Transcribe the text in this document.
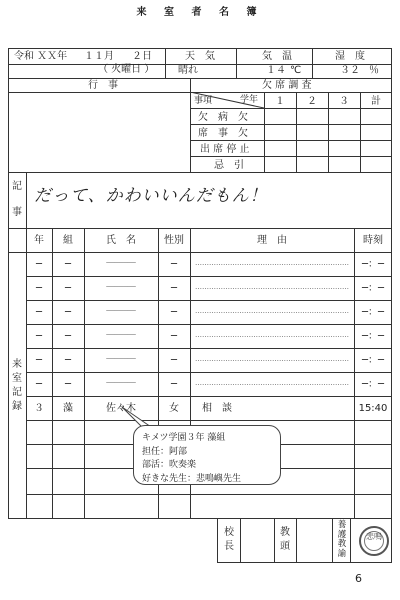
来 室 者 名 簿
令和 ＸＸ年 １１月 ２日
（ 火曜日 ）
天　気
晴れ
気　温
１４ ℃
湿　度
３２ ％
行　事	欠 席 調 査
事項	学年	１	２	３	計
欠 病　欠
席 事　欠
出 席 停 止
忌　引
記
事
だって、かわいいんだもん！
来
室
記
録
年	組	氏　名	性別	理　由	時刻
─	─	───────	─	…………………………………………………………	─：─
─	─	───────	─	…………………………………………………………	─：─
─	─	───────	─	…………………………………………………………	─：─
─	─	───────	─	…………………………………………………………	─：─
─	─	───────	─	…………………………………………………………	─：─
─	─	───────	─	…………………………………………………………	─：─
３	藻	佐々木	女	相　談	15:40
キメツ学園３年 藻組
担任：阿部
部活：吹奏楽
好きな先生：悲鳴嶼先生
校
長
教
頭
養護教諭
悲鳴
6
